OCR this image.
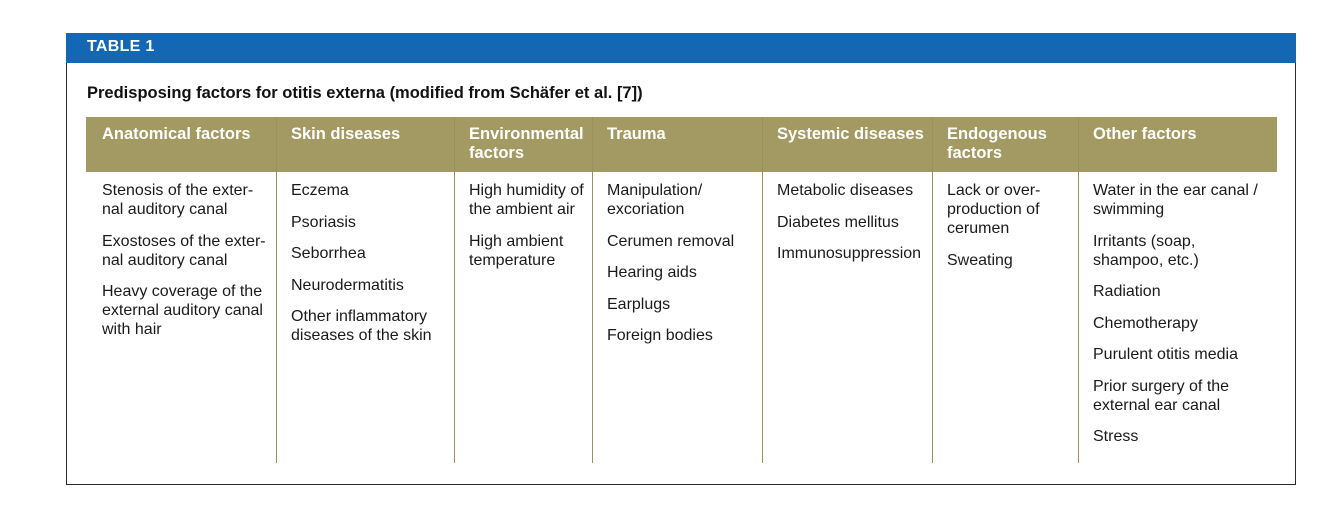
TABLE 1
Predisposing factors for otitis externa (modified from Schäfer et al. [7])
Anatomical factors
Stenosis of the exter-
nal auditory canal
Exostoses of the exter-
nal auditory canal
Heavy coverage of the
external auditory canal
with hair
Skin diseases
Eczema
Psoriasis
Seborrhea
Neurodermatitis
Other inflammatory
diseases of the skin
Environmental
factors
High humidity of
the ambient air
High ambient
temperature
Trauma
Manipulation/
excoriation
Cerumen removal
Hearing aids
Earplugs
Foreign bodies
Systemic diseases
Metabolic diseases
Diabetes mellitus
Immunosuppression
Endogenous
factors
Lack or over-
production of
cerumen
Sweating
Other factors
Water in the ear canal /
swimming
Irritants (soap,
shampoo, etc.)
Radiation
Chemotherapy
Purulent otitis media
Prior surgery of the
external ear canal
Stress
